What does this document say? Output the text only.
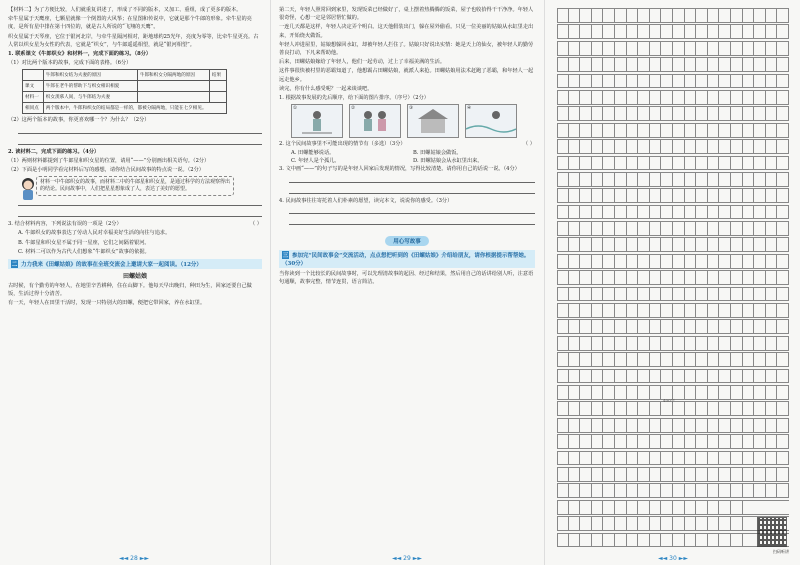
【材料二】为了方便比较，人们就重复讲述了，形成了不同的版本，又加工、重组，成了更多的版本。

牵牛星属于天鹰座，七颗星就像一个倒置的大风筝；在星图和传说中，它就是那个牛郎的形象。牵牛星的亮度，是所有星中排在第十四位的，就是古人所说的“飞翔的天鹰”。

织女星属于天琴座，它位于银河北岸，与牵牛星隔河相对，距地球约25光年，亮度为零等，比牵牛星更亮。古人常以织女星为女性的代表，它就是“织女”，与牛郎遥遥相望，就是“银河相望”。

1. 联系课文《牛郎织女》和材料一，完成下面的练习。（8分）

（1）对比两个版本的故事，完成下面的表格。（6分）

	牛郎和织女结为夫妻的原因	牛郎和织女分隔两地的原因	结果
课文	牛郎在老牛的帮助下与织女相识相爱		
材料一	织女羡慕人间，与牛郎结为夫妻		
相同点	两个版本中，牛郎和织女的结局都是一样的，都被分隔两地，只能在七夕相见。		

（2）这两个版本的故事，你更喜欢哪一个？为什么？（2分）

2. 读材料二，完成下面的练习。（4分）

（1）两则材料都提到了牛郎星和织女星的位置，请用“——”分别画出相关语句。（2分）

（2）下面是小明同学看完材料后写的感想，请你结合民间故事的特点说一说。（2分）

材料一中牛郎织女的故事，而材料二中的牛郎星和织女星，是通过科学的方法观察得出的结论。民间故事中，人们把星星想象成了人，表达了美好的愿望。

3. 结合材料内容，下列说法有误的一项是（2分）	（ ）

A. 牛郎织女的故事表达了劳动人民对幸福美好生活的向往与追求。

B. 牛郎星和织女星不属于同一星座，它们之间隔着银河。

C. 材料二可以作为古代人们想象“牛郎织女”故事的依据。

二 力力我来《田螺姑娘》的故事在全班交流会上邀请大家一起阅读。（12分）
田螺姑娘

古时候，有个勤劳的年轻人，在地里辛苦耕种，住在山脚下。他每天早出晚归，种田为生，回家还要自己做饭，生活过得十分清苦。

有一天，年轻人在田里干活时，发现一只特别大的田螺，便把它带回家，养在水缸里。

◄◄ 28 ►►

第二天，年轻人照常回到家里，发现饭菜已经做好了，桌上摆着热腾腾的饭菜，屋子也收拾得干干净净。年轻人很奇怪，心想一定是邻居帮忙做的。

一连几天都是这样，年轻人决定弄个明白。这天他假装出门，躲在屋外偷看。只见一位美丽的姑娘从水缸里走出来，开始烧火做饭。

年轻人冲进屋里，姑娘想躲回水缸，却被年轻人拦住了。姑娘只好说出实情：她是天上的仙女，被年轻人的勤劳善良打动，下凡来帮助他。

后来，田螺姑娘嫁给了年轻人，他们一起劳动，过上了幸福美满的生活。

这件事很快被村里的恶霸知道了，他想霸占田螺姑娘，就派人来抢。田螺姑娘用法术赶跑了恶霸，和年轻人一起远走他乡。

读完，你有什么感受呢？一起来谈谈吧。

1. 根据故事发展的先后顺序，给下面的图片排序。（序号）（2分）

①	②	③	④

2. 这个民间故事里不可能出现的情节有（多选）（3分）	（ ）

A. 田螺能够说话。	B. 田螺姑娘会做饭。
C. 年轻人是个孤儿。	D. 田螺姑娘会从水缸里出来。

3. 文中画“——”的句子写的是年轻人回家后发现的情况，写得比较清楚。请你用自己的话说一说。（4分）

4. 民间故事往往寄托着人们朴素的愿望，读完本文，说说你的感受。（3分）

用心写故事
三 参加完“民间故事会”交流活动，点点想把听到的《田螺姑娘》介绍给朋友，请你根据提示帮帮她。（30分）

当你读到一个比较长的民间故事时，可以先理清故事的起因、经过和结果，然后用自己的话讲给别人听，注意语句通顺，故事完整，情节连贯，语言简洁。

◄◄ 29 ►►
400字
扫码听讲
◄◄ 30 ►►
